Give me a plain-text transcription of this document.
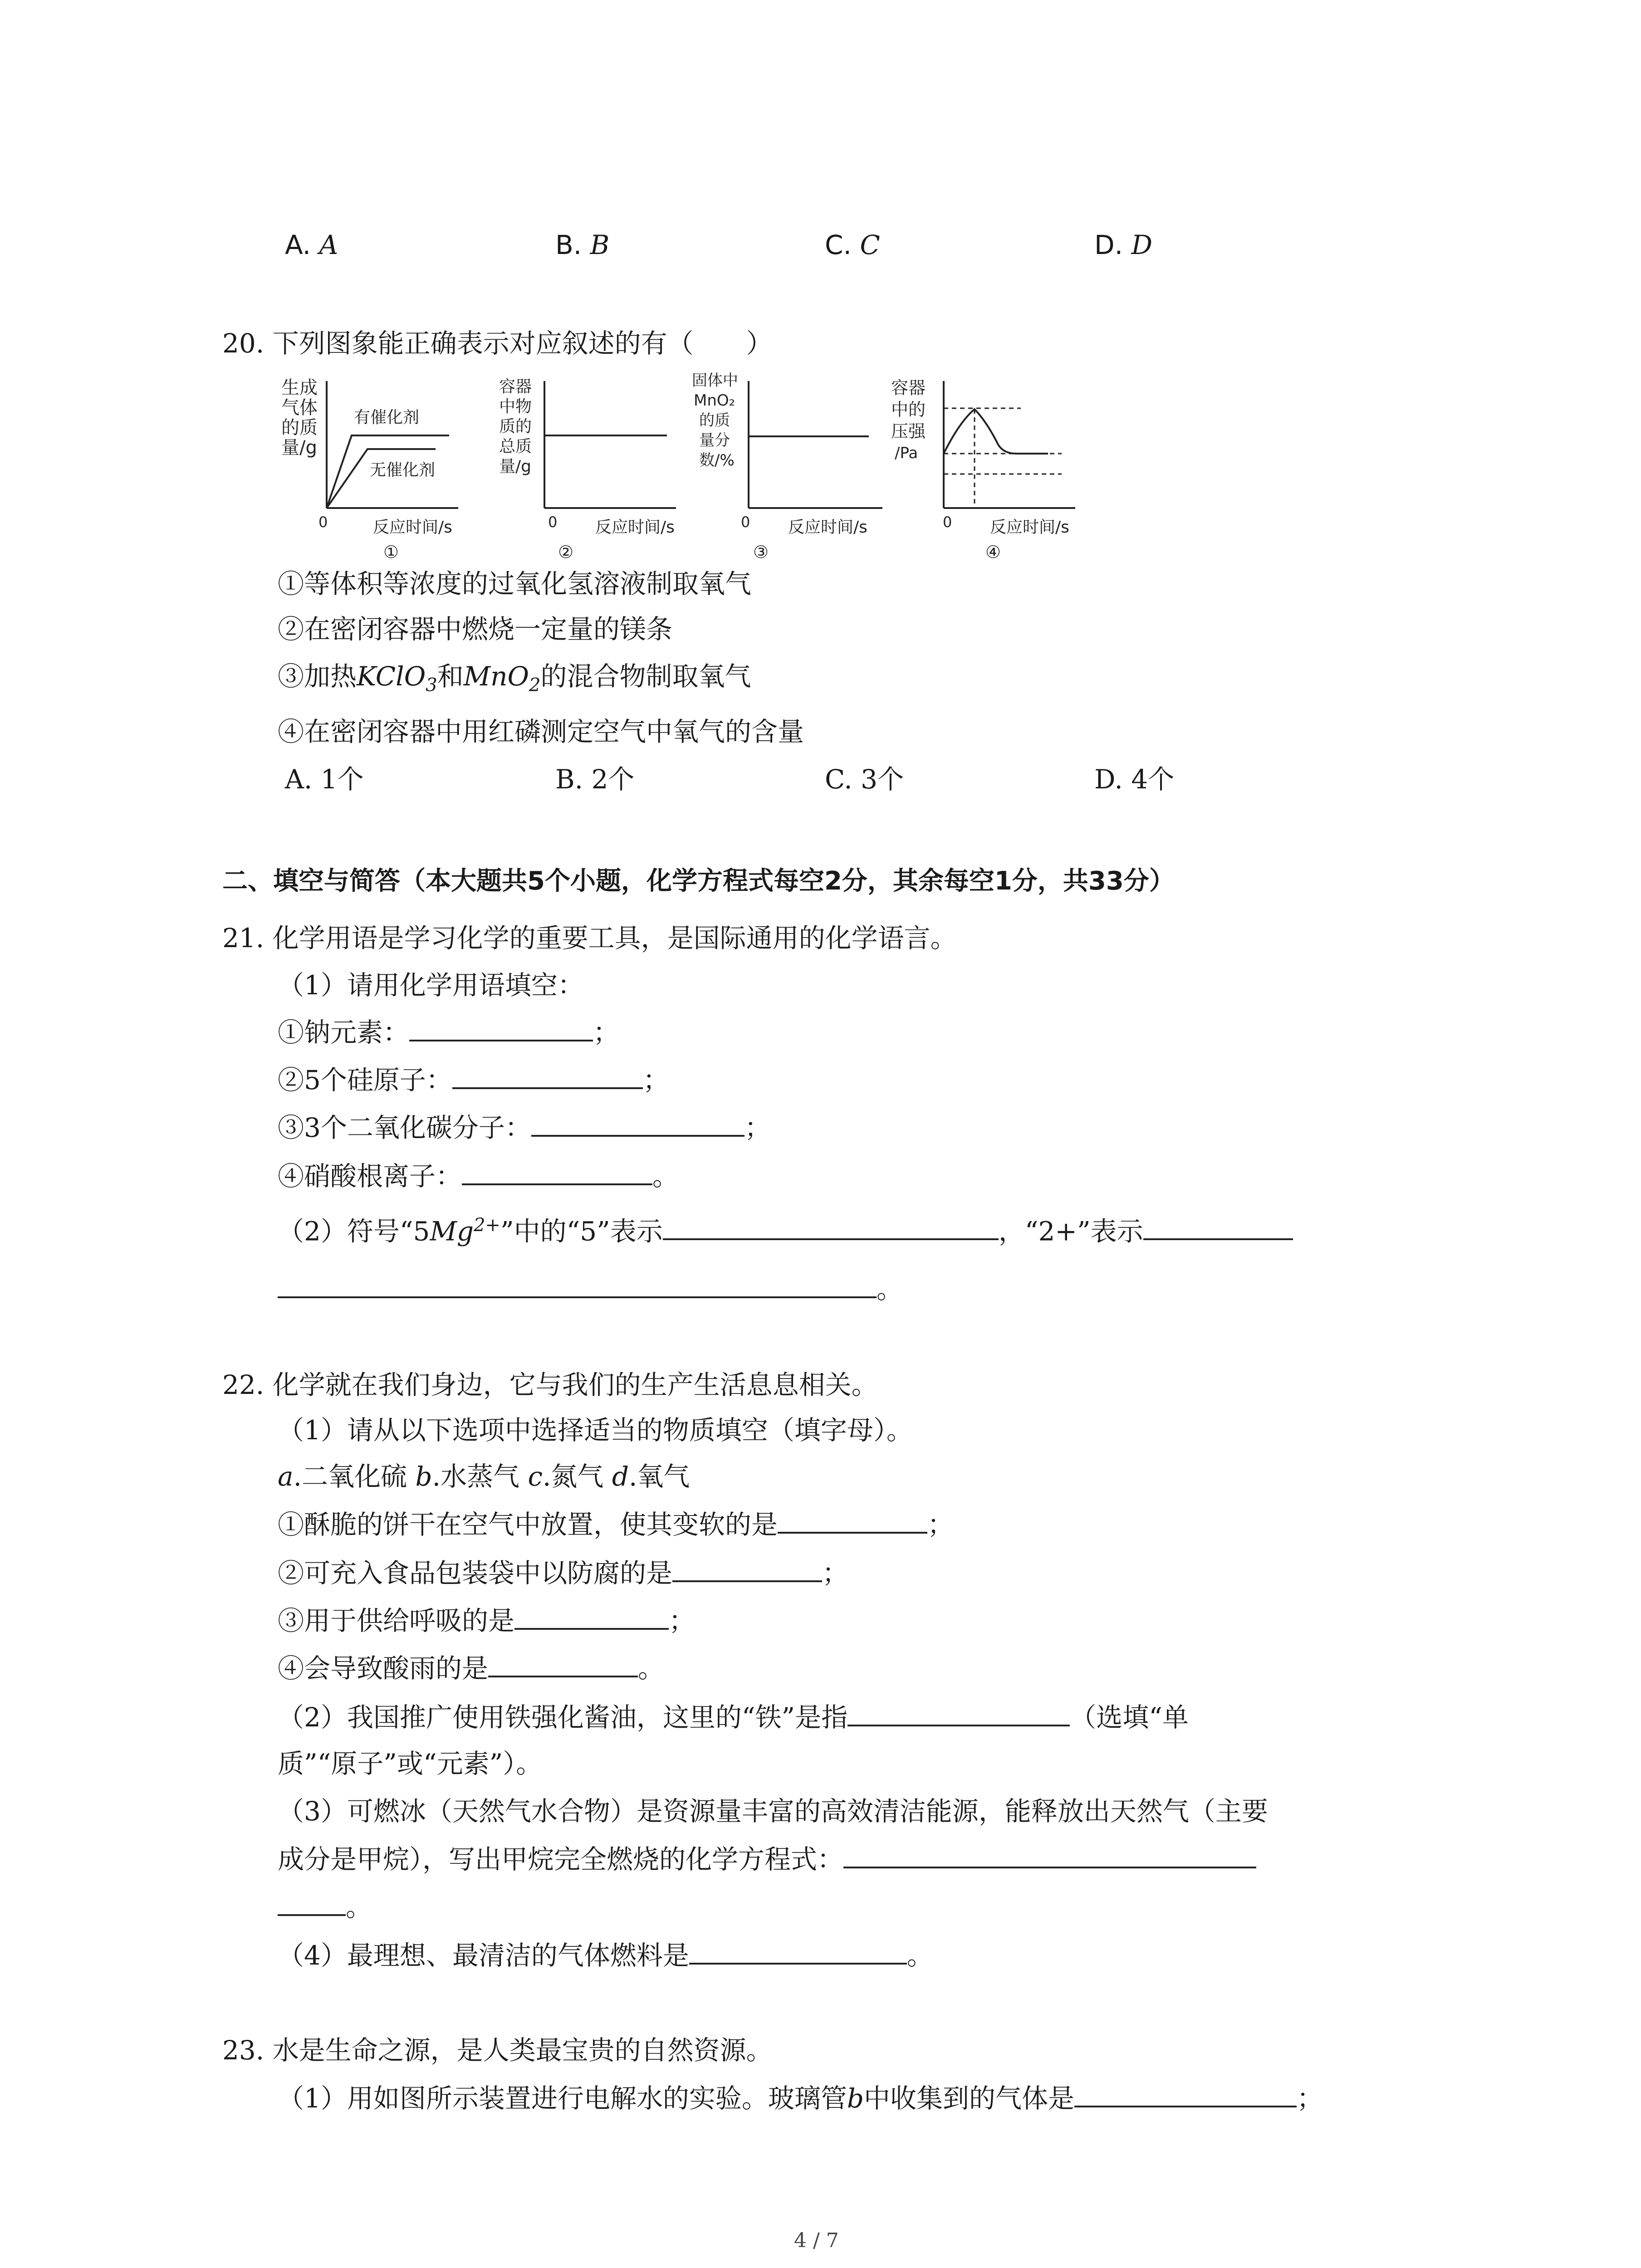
A. A	B. B	C. C	D. D
20. 下列图象能正确表示对应叙述的有（　　）
生成
气体
的质
量/g
有催化剂
无催化剂
0	反应时间/s
①
容器
中物
质的
总质
量/g
0 反应时间/s
②
固体中
MnO₂
的质
量分
数/%
0 反应时间/s
③
容器
中的
压强
/Pa
0 反应时间/s
④
①等体积等浓度的过氧化氢溶液制取氧气
②在密闭容器中燃烧一定量的镁条
③加热KClO$_3$和MnO$_2$的混合物制取氧气
④在密闭容器中用红磷测定空气中氧气的含量
A. 1个	B. 2个	C. 3个	D. 4个
二、填空与简答（本大题共5个小题，化学方程式每空2分，其余每空1分，共33分）
21. 化学用语是学习化学的重要工具，是国际通用的化学语言。
（1）请用化学用语填空：
①钠元素：	；
②5个硅原子：	；
③3个二氧化碳分子：	；
④硝酸根离子：	。
（2）符号“$5Mg^{2+}$”中的“5”表示	，“2+”表示
。
22. 化学就在我们身边，它与我们的生产生活息息相关。
（1）请从以下选项中选择适当的物质填空（填字母）。
a.二氧化硫 b.水蒸气 c.氮气 d.氧气
①酥脆的饼干在空气中放置，使其变软的是	；
②可充入食品包装袋中以防腐的是	；
③用于供给呼吸的是	；
④会导致酸雨的是	。
（2）我国推广使用铁强化酱油，这里的“铁”是指	（选填“单
质”“原子”或“元素”）。
（3）可燃冰（天然气水合物）是资源量丰富的高效清洁能源，能释放出天然气（主要
成分是甲烷），写出甲烷完全燃烧的化学方程式：
。
（4）最理想、最清洁的气体燃料是	。
23. 水是生命之源，是人类最宝贵的自然资源。
（1）用如图所示装置进行电解水的实验。玻璃管b中收集到的气体是	；
4 / 7
